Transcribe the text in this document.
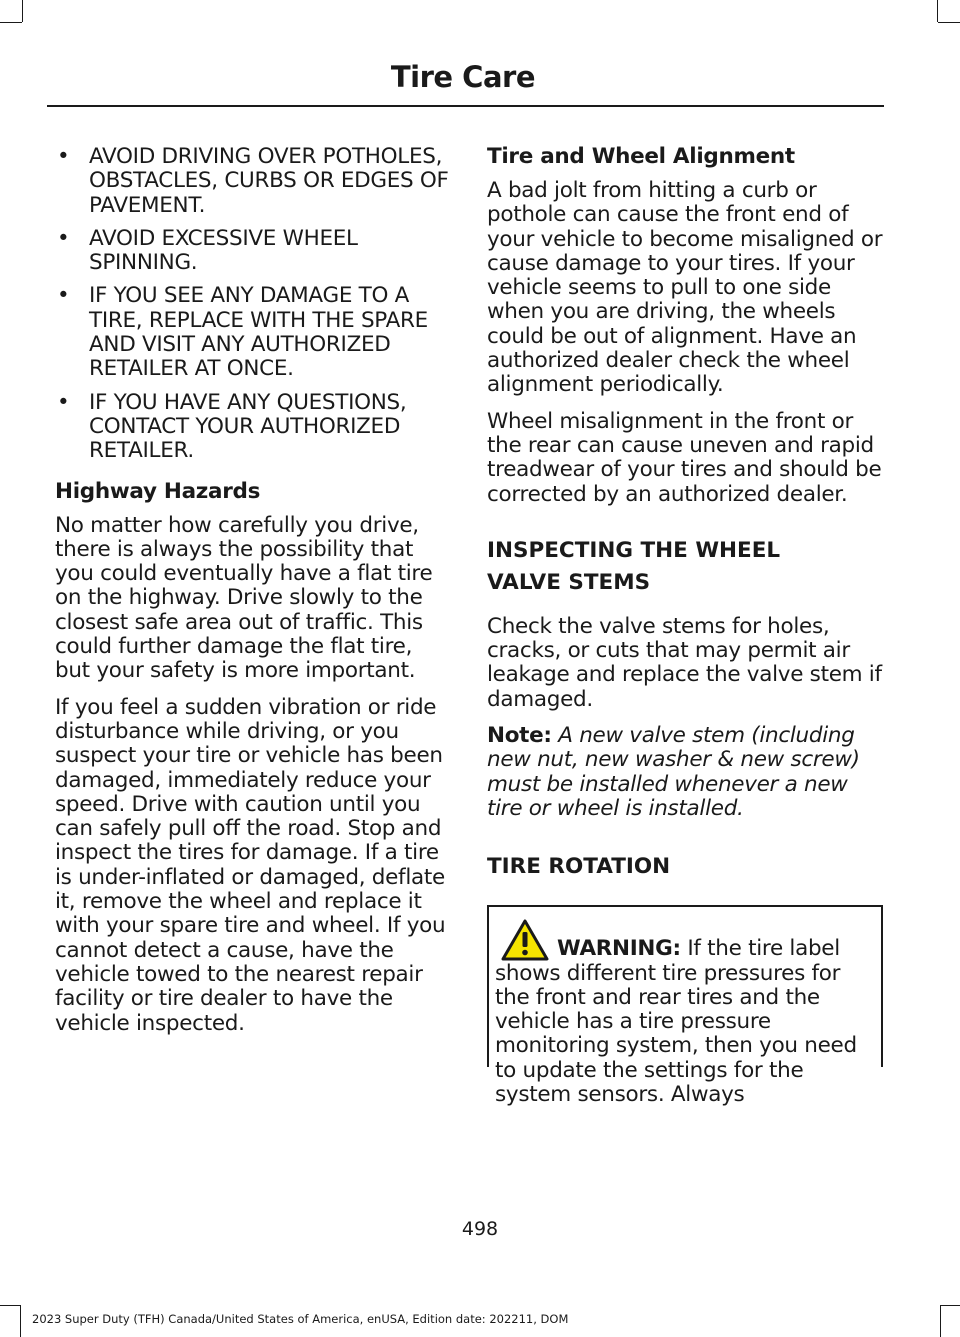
Tire Care
• AVOID DRIVING OVER POTHOLES, OBSTACLES, CURBS OR EDGES OF PAVEMENT.
• AVOID EXCESSIVE WHEEL SPINNING.
• IF YOU SEE ANY DAMAGE TO A TIRE, REPLACE WITH THE SPARE AND VISIT ANY AUTHORIZED RETAILER AT ONCE.
• IF YOU HAVE ANY QUESTIONS, CONTACT YOUR AUTHORIZED RETAILER.
Highway Hazards

No matter how carefully you drive, there is always the possibility that you could eventually have a flat tire on the highway. Drive slowly to the closest safe area out of traffic. This could further damage the flat tire, but your safety is more important.

If you feel a sudden vibration or ride disturbance while driving, or you suspect your tire or vehicle has been damaged, immediately reduce your speed. Drive with caution until you can safely pull off the road. Stop and inspect the tires for damage. If a tire is under-inflated or damaged, deflate it, remove the wheel and replace it with your spare tire and wheel. If you cannot detect a cause, have the vehicle towed to the nearest repair facility or tire dealer to have the vehicle inspected.

Tire and Wheel Alignment

A bad jolt from hitting a curb or pothole can cause the front end of your vehicle to become misaligned or cause damage to your tires. If your vehicle seems to pull to one side when you are driving, the wheels could be out of alignment. Have an authorized dealer check the wheel alignment periodically.

Wheel misalignment in the front or the rear can cause uneven and rapid treadwear of your tires and should be corrected by an authorized dealer.

INSPECTING THE WHEEL
VALVE STEMS

Check the valve stems for holes, cracks, or cuts that may permit air leakage and replace the valve stem if damaged.

Note: A new valve stem (including new nut, new washer & new screw) must be installed whenever a new tire or wheel is installed.

TIRE ROTATION
WARNING: If the tire label shows different tire pressures for the front and rear tires and the vehicle has a tire pressure monitoring system, then you need to update the settings for the system sensors. Always
498
2023 Super Duty (TFH) Canada/United States of America, enUSA, Edition date: 202211, DOM
